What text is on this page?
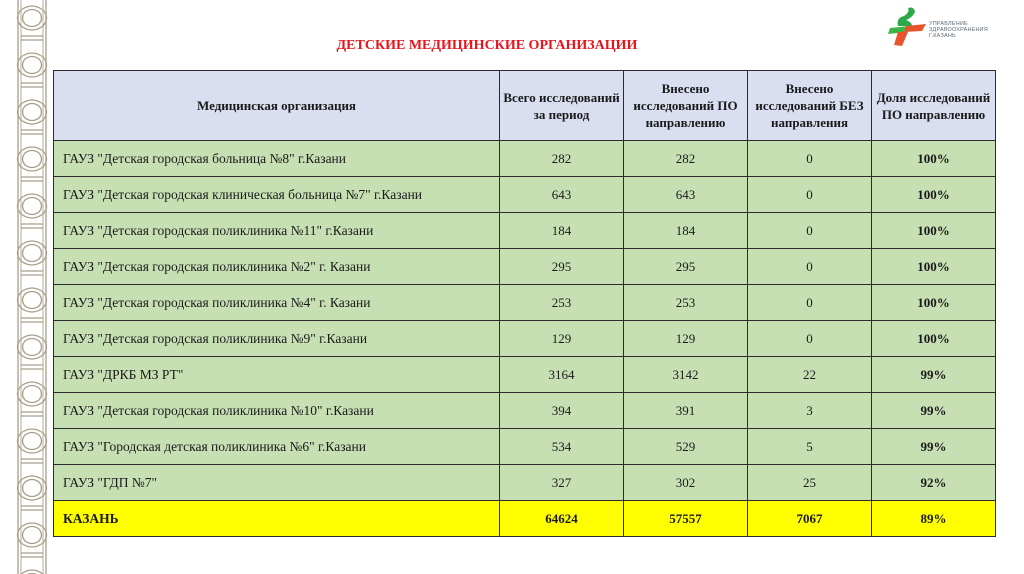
УПРАВЛЕНИЕ
ЗДРАВООХРАНЕНИЯ
Г.КАЗАНЬ
ДЕТСКИЕ МЕДИЦИНСКИЕ ОРГАНИЗАЦИИ
Медицинская организация	Всего исследований за период	Внесено исследований ПО направлению	Внесено исследований БЕЗ направления	Доля исследований ПО направлению
ГАУЗ "Детская городская больница №8" г.Казани	282	282	0	100%
ГАУЗ "Детская городская клиническая больница №7" г.Казани	643	643	0	100%
ГАУЗ "Детская городская поликлиника №11" г.Казани	184	184	0	100%
ГАУЗ "Детская городская поликлиника №2" г. Казани	295	295	0	100%
ГАУЗ "Детская городская поликлиника №4" г. Казани	253	253	0	100%
ГАУЗ "Детская городская поликлиника №9" г.Казани	129	129	0	100%
ГАУЗ "ДРКБ МЗ РТ"	3164	3142	22	99%
ГАУЗ "Детская городская поликлиника №10" г.Казани	394	391	3	99%
ГАУЗ "Городская детская поликлиника №6" г.Казани	534	529	5	99%
ГАУЗ "ГДП №7"	327	302	25	92%
КАЗАНЬ	64624	57557	7067	89%
